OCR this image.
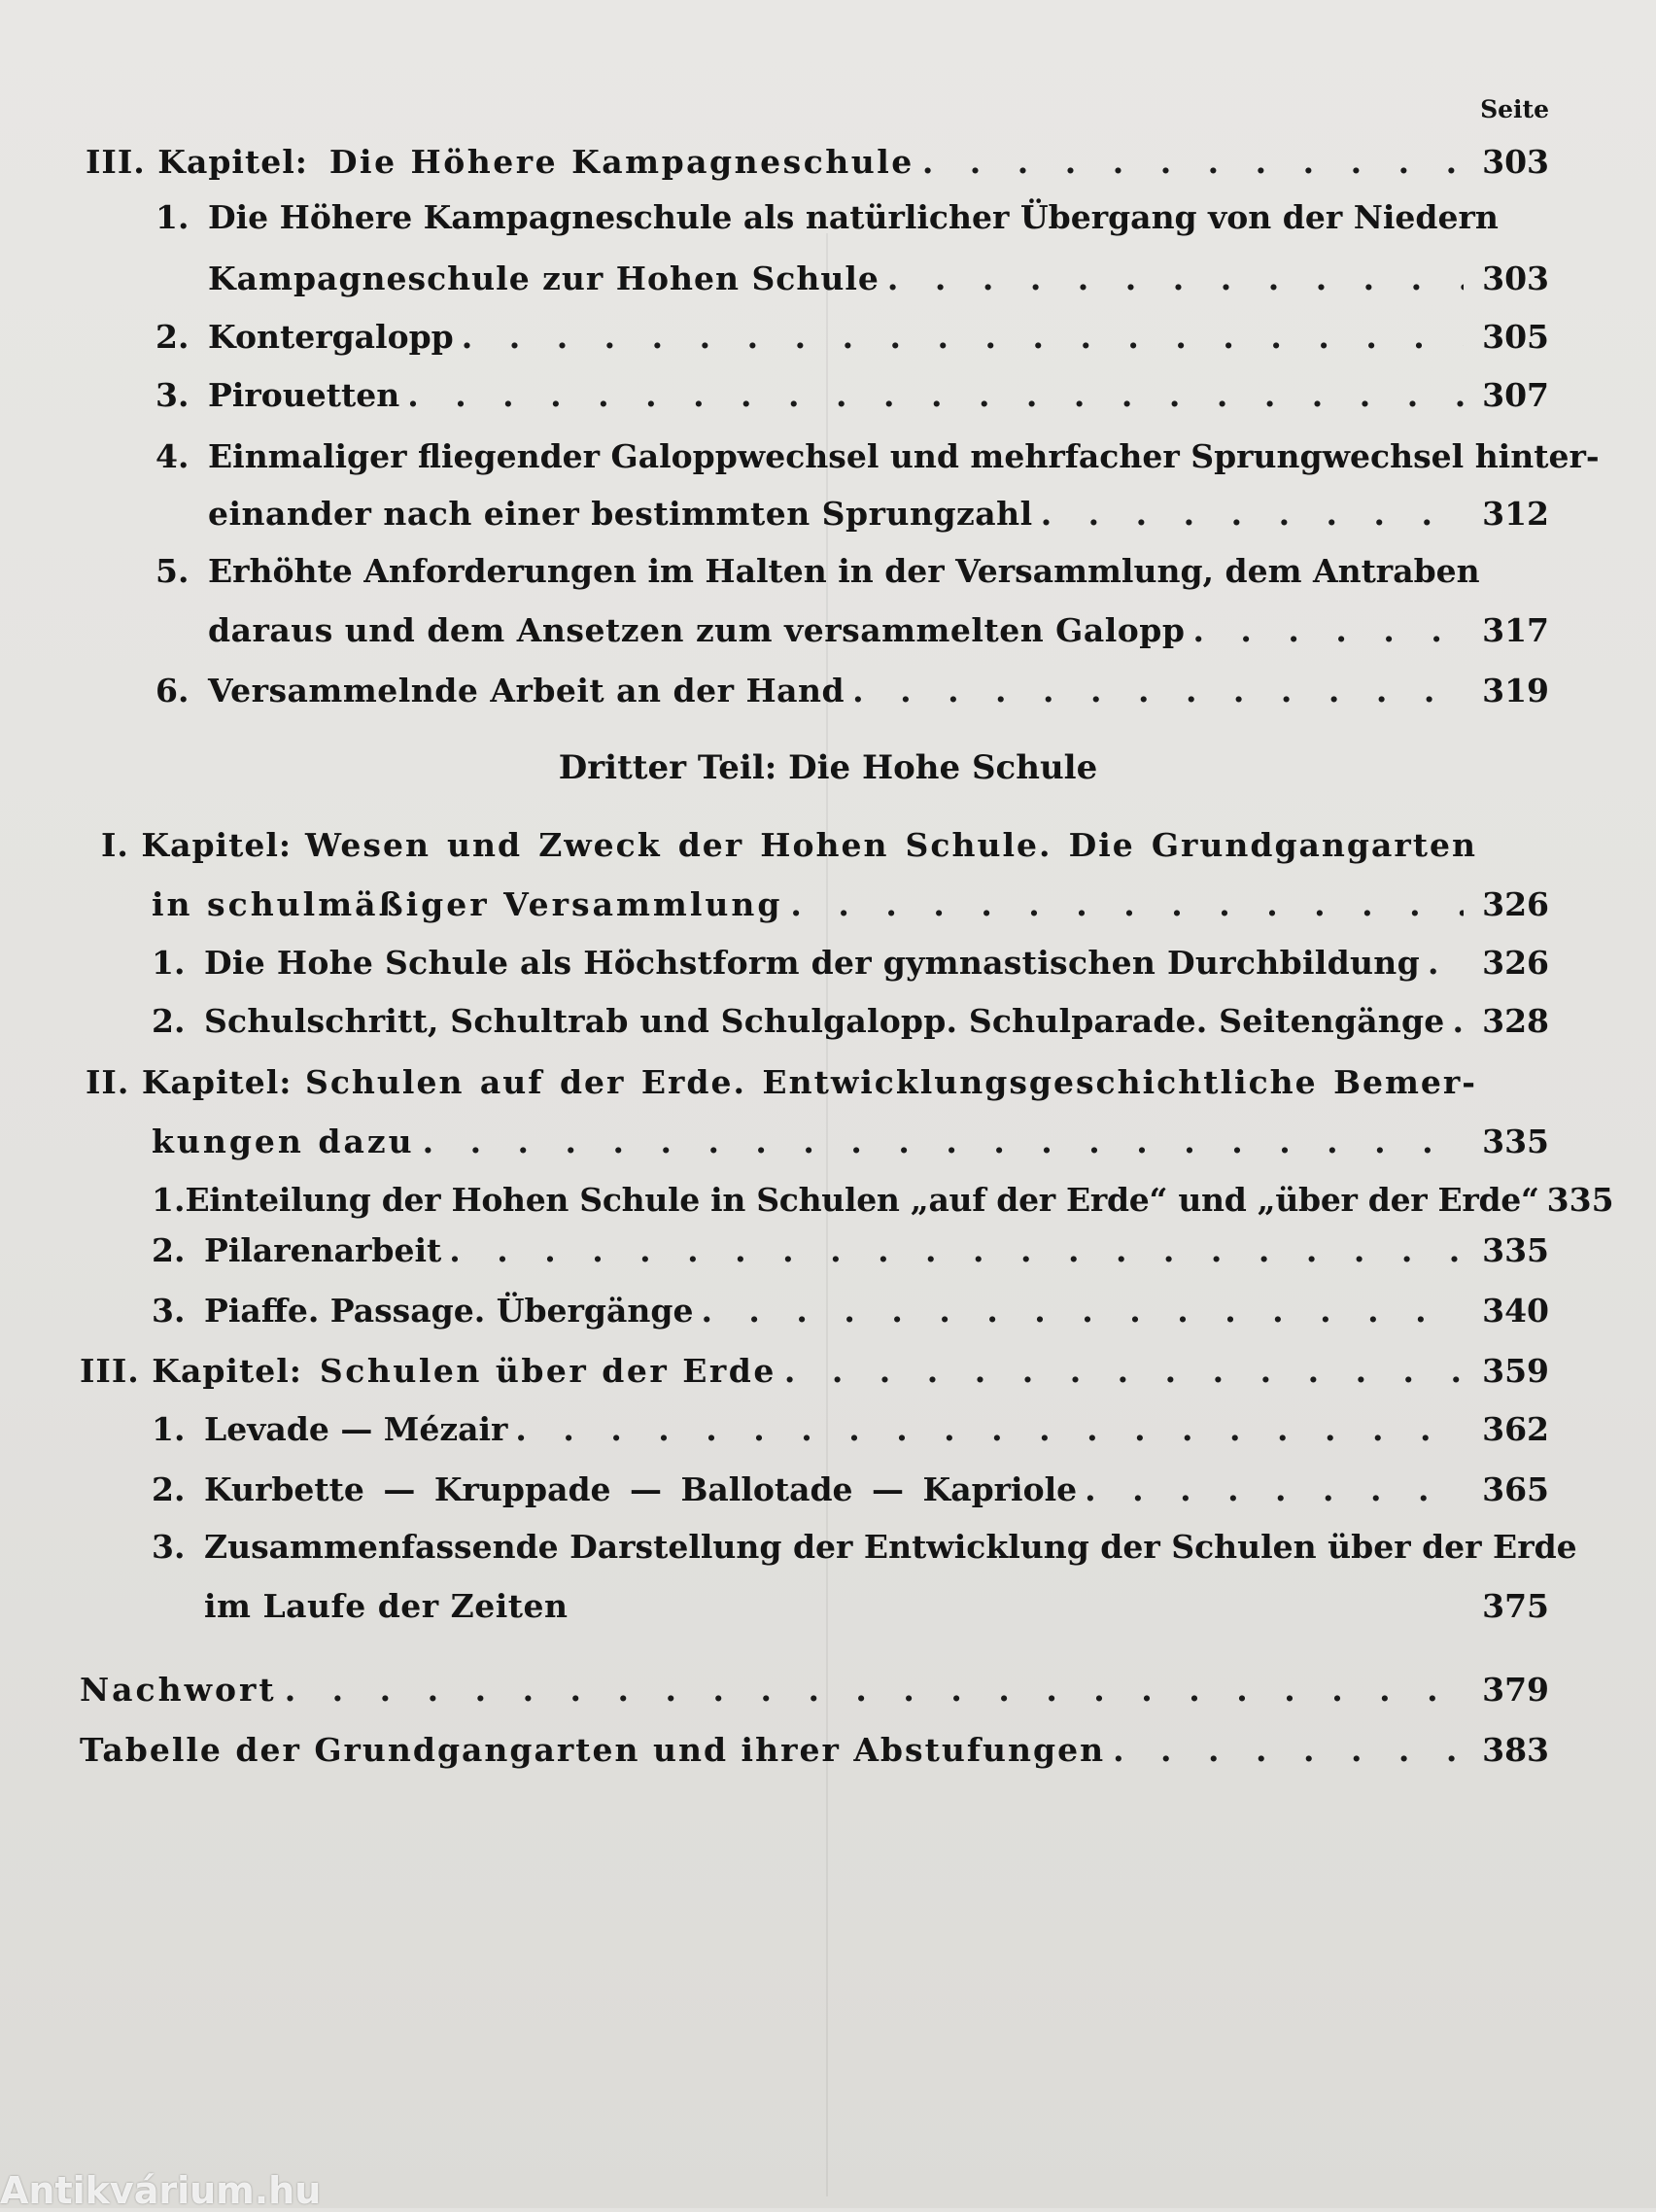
Seite
III. Kapitel: Die Höhere Kampagneschule . . .	303
1. Die Höhere Kampagneschule als natürlicher Übergang von der Niedern
Kampagneschule zur Hohen Schule . . .	303
2. Kontergalopp . . .	305
3. Pirouetten . . .	307
4. Einmaliger fliegender Galoppwechsel und mehrfacher Sprungwechsel hinter-
einander nach einer bestimmten Sprungzahl . . .	312
5. Erhöhte Anforderungen im Halten in der Versammlung, dem Antraben
daraus und dem Ansetzen zum versammelten Galopp . . .	317
6. Versammelnde Arbeit an der Hand . . .	319
Dritter Teil: Die Hohe Schule
I. Kapitel: Wesen und Zweck der Hohen Schule. Die Grundgangarten
in schulmäßiger Versammlung . . .	326
1. Die Hohe Schule als Höchstform der gymnastischen Durchbildung . . .	326
2. Schulschritt, Schultrab und Schulgalopp. Schulparade. Seitengänge . . .	328
II. Kapitel: Schulen auf der Erde. Entwicklungsgeschichtliche Bemer-
kungen dazu . . .	335
1. Einteilung der Hohen Schule in Schulen „auf der Erde“ und „über der Erde“ 335
2. Pilarenarbeit . . .	335
3. Piaffe. Passage. Übergänge . . .	340
III. Kapitel: Schulen über der Erde . . .	359
1. Levade — Mézair . . .	362
2. Kurbette — Kruppade — Ballotade — Kapriole . . .	365
3. Zusammenfassende Darstellung der Entwicklung der Schulen über der Erde
im Laufe der Zeiten	375
Nachwort . . .	379
Tabelle der Grundgangarten und ihrer Abstufungen . . .	383
Antikvárium.hu
